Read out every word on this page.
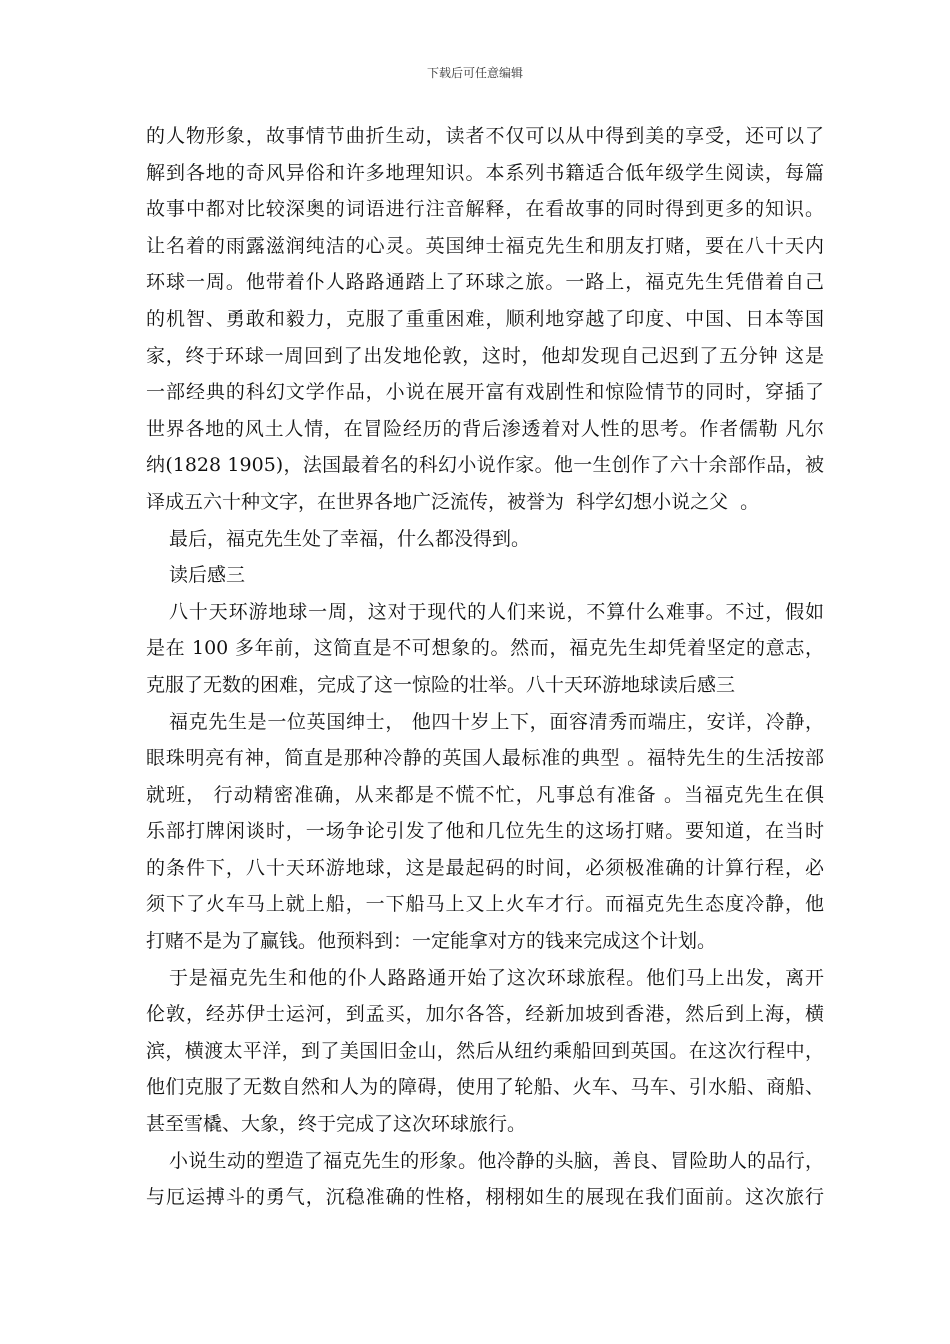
下载后可任意编辑
的人物形象，故事情节曲折生动，读者不仅可以从中得到美的享受，还可以了
解到各地的奇风异俗和许多地理知识。本系列书籍适合低年级学生阅读，每篇
故事中都对比较深奥的词语进行注音解释，在看故事的同时得到更多的知识。
让名着的雨露滋润纯洁的心灵。英国绅士福克先生和朋友打赌，要在八十天内
环球一周。他带着仆人路路通踏上了环球之旅。一路上，福克先生凭借着自己
的机智、勇敢和毅力，克服了重重困难，顺利地穿越了印度、中国、日本等国
家，终于环球一周回到了出发地伦敦，这时，他却发现自己迟到了五分钟 这是
一部经典的科幻文学作品，小说在展开富有戏剧性和惊险情节的同时，穿插了
世界各地的风土人情，在冒险经历的背后渗透着对人性的思考。作者儒勒 凡尔
纳(1828 1905)，法国最着名的科幻小说作家。他一生创作了六十余部作品，被
译成五六十种文字，在世界各地广泛流传，被誉为  科学幻想小说之父  。
最后，福克先生处了幸福，什么都没得到。
读后感三
八十天环游地球一周，这对于现代的人们来说，不算什么难事。不过，假如
是在 100 多年前，这简直是不可想象的。然而，福克先生却凭着坚定的意志，
克服了无数的困难，完成了这一惊险的壮举。八十天环游地球读后感三
福克先生是一位英国绅士， 他四十岁上下，面容清秀而端庄，安详，冷静，
眼珠明亮有神，简直是那种冷静的英国人最标准的典型 。福特先生的生活按部
就班， 行动精密准确，从来都是不慌不忙，凡事总有准备 。当福克先生在俱
乐部打牌闲谈时，一场争论引发了他和几位先生的这场打赌。要知道，在当时
的条件下，八十天环游地球，这是最起码的时间，必须极准确的计算行程，必
须下了火车马上就上船，一下船马上又上火车才行。而福克先生态度冷静，他
打赌不是为了赢钱。他预料到：一定能拿对方的钱来完成这个计划。
于是福克先生和他的仆人路路通开始了这次环球旅程。他们马上出发，离开
伦敦，经苏伊士运河，到孟买，加尔各答，经新加坡到香港，然后到上海，横
滨，横渡太平洋，到了美国旧金山，然后从纽约乘船回到英国。在这次行程中，
他们克服了无数自然和人为的障碍，使用了轮船、火车、马车、引水船、商船、
甚至雪橇、大象，终于完成了这次环球旅行。
小说生动的塑造了福克先生的形象。他冷静的头脑，善良、冒险助人的品行，
与厄运搏斗的勇气，沉稳准确的性格，栩栩如生的展现在我们面前。这次旅行
